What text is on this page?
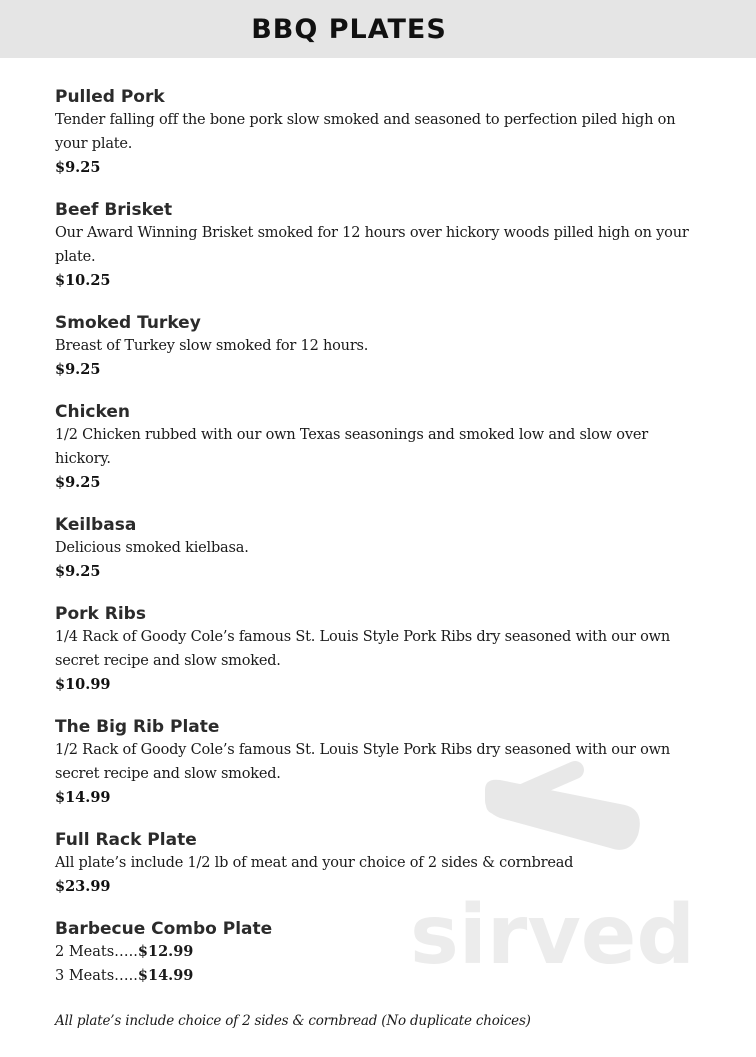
BBQ PLATES
sirved
Pulled Pork
Tender falling off the bone pork slow smoked and seasoned to perfection piled high on your plate.
$9.25
Beef Brisket
Our Award Winning Brisket smoked for 12 hours over hickory woods pilled high on your plate.
$10.25
Smoked Turkey
Breast of Turkey slow smoked for 12 hours.
$9.25
Chicken
1/2 Chicken rubbed with our own Texas seasonings and smoked low and slow over hickory.
$9.25
Keilbasa
Delicious smoked kielbasa.
$9.25
Pork Ribs
1/4 Rack of Goody Cole’s famous St. Louis Style Pork Ribs dry seasoned with our own secret recipe and slow smoked.
$10.99
The Big Rib Plate
1/2 Rack of Goody Cole’s famous St. Louis Style Pork Ribs dry seasoned with our own secret recipe and slow smoked.
$14.99
Full Rack Plate
All plate’s include 1/2 lb of meat and your choice of 2 sides & cornbread
$23.99
Barbecue Combo Plate
2 Meats…..$12.99
3 Meats…..$14.99
All plate’s include choice of 2 sides & cornbread (No duplicate choices)
